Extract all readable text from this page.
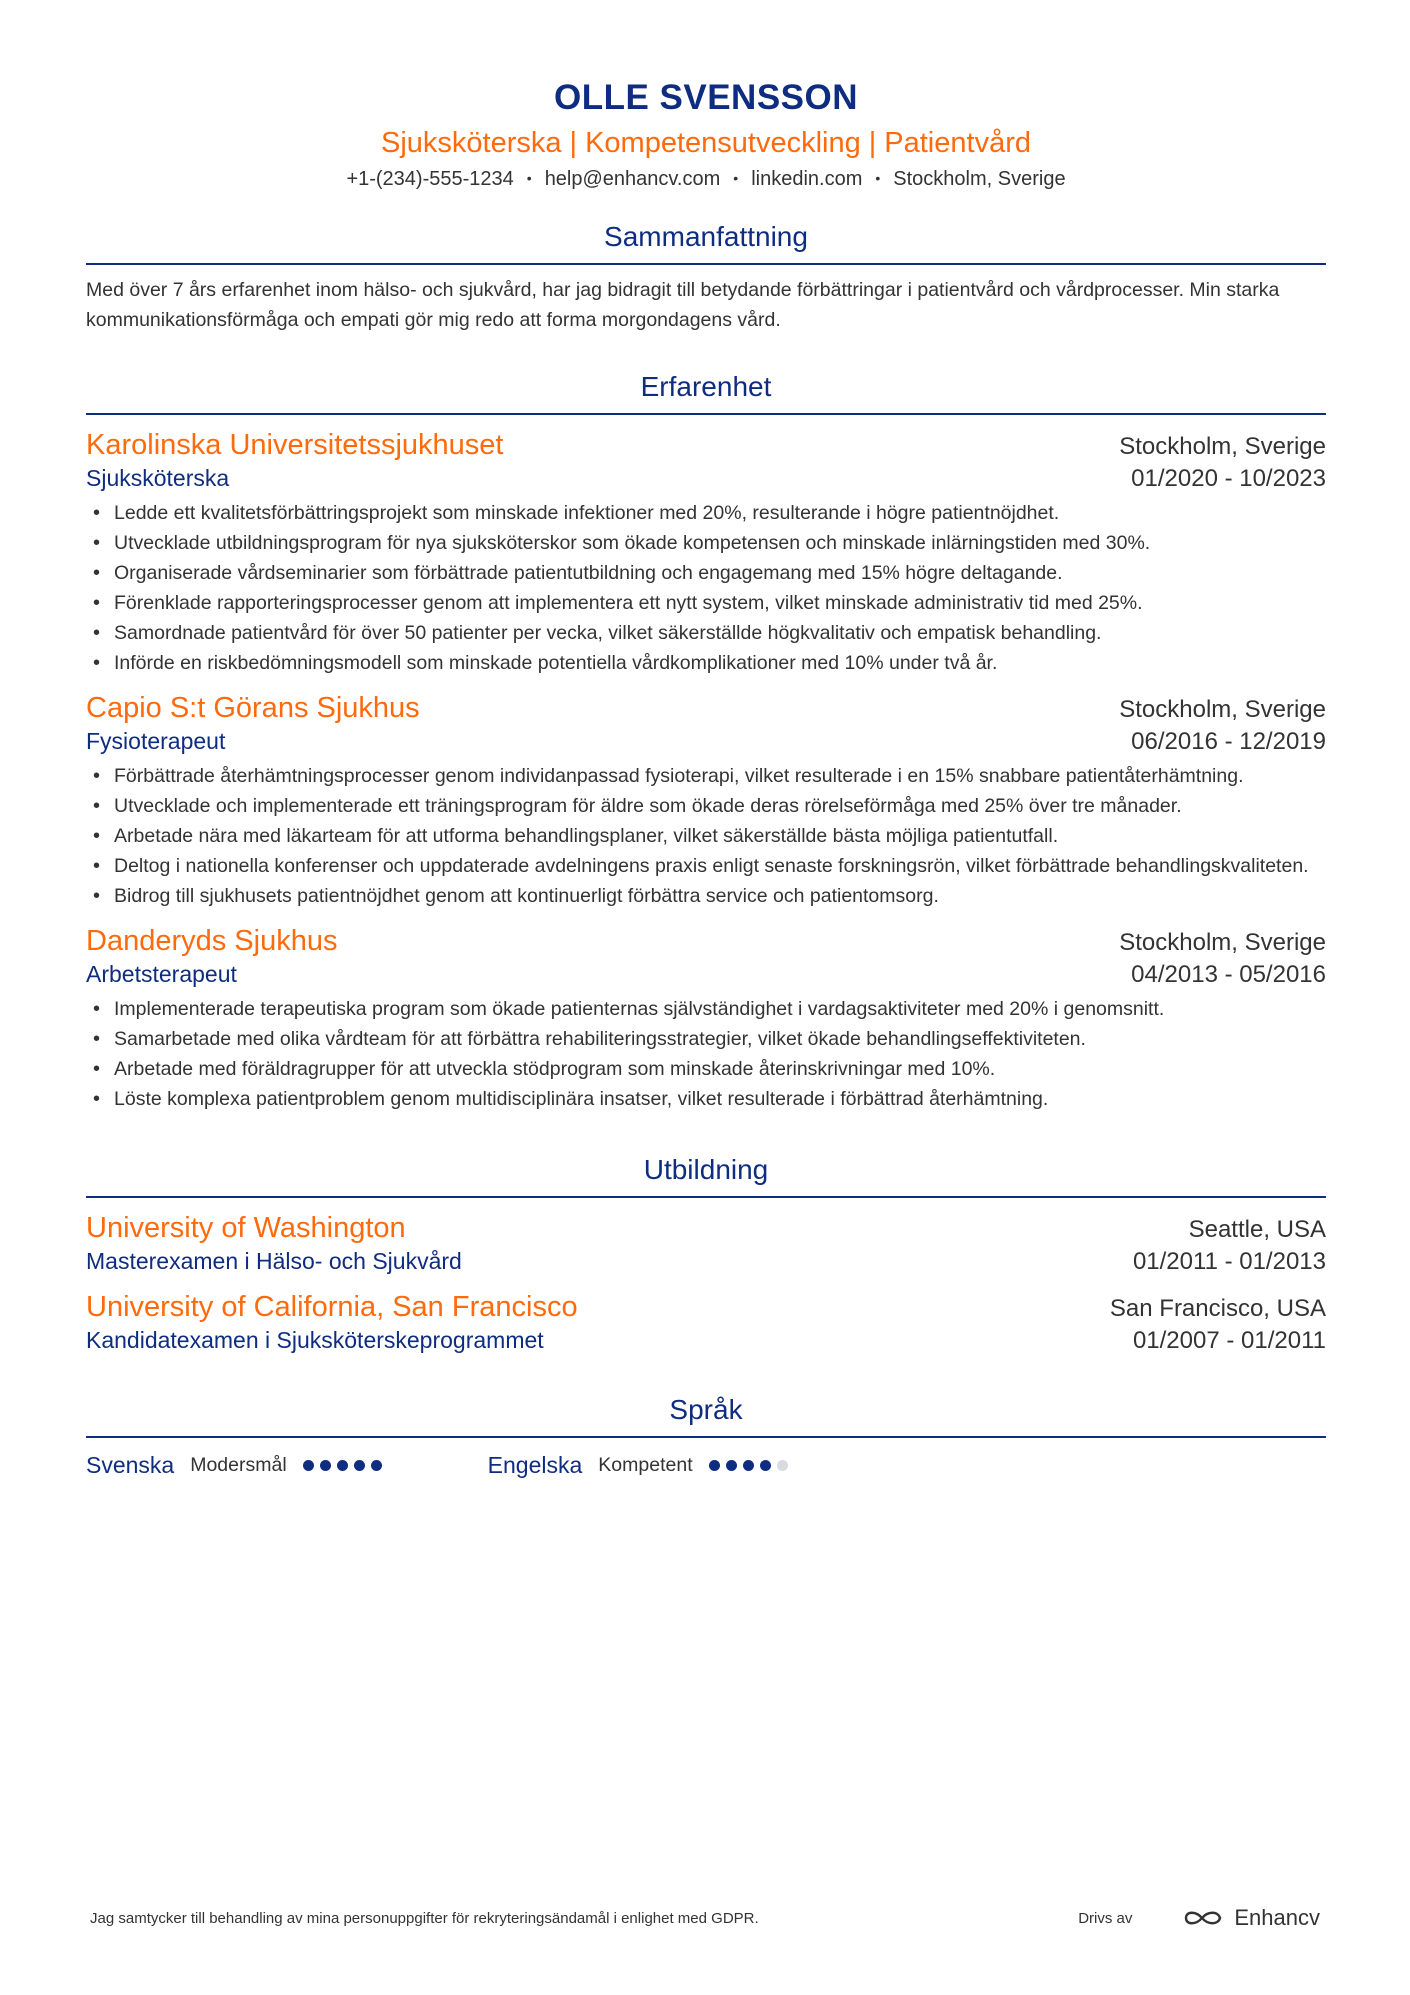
OLLE SVENSSON
Sjuksköterska | Kompetensutveckling | Patientvård
+1-(234)-555-1234 • help@enhancv.com • linkedin.com • Stockholm, Sverige
Sammanfattning
Med över 7 års erfarenhet inom hälso- och sjukvård, har jag bidragit till betydande förbättringar i patientvård och vårdprocesser. Min starka kommunikationsförmåga och empati gör mig redo att forma morgondagens vård.
Erfarenhet
Karolinska Universitetssjukhuset	Stockholm, Sverige
Sjuksköterska	01/2020 - 10/2023
• Ledde ett kvalitetsförbättringsprojekt som minskade infektioner med 20%, resulterande i högre patientnöjdhet.
• Utvecklade utbildningsprogram för nya sjuksköterskor som ökade kompetensen och minskade inlärningstiden med 30%.
• Organiserade vårdseminarier som förbättrade patientutbildning och engagemang med 15% högre deltagande.
• Förenklade rapporteringsprocesser genom att implementera ett nytt system, vilket minskade administrativ tid med 25%.
• Samordnade patientvård för över 50 patienter per vecka, vilket säkerställde högkvalitativ och empatisk behandling.
• Införde en riskbedömningsmodell som minskade potentiella vårdkomplikationer med 10% under två år.
Capio S:t Görans Sjukhus	Stockholm, Sverige
Fysioterapeut	06/2016 - 12/2019
• Förbättrade återhämtningsprocesser genom individanpassad fysioterapi, vilket resulterade i en 15% snabbare patientåterhämtning.
• Utvecklade och implementerade ett träningsprogram för äldre som ökade deras rörelseförmåga med 25% över tre månader.
• Arbetade nära med läkarteam för att utforma behandlingsplaner, vilket säkerställde bästa möjliga patientutfall.
• Deltog i nationella konferenser och uppdaterade avdelningens praxis enligt senaste forskningsrön, vilket förbättrade behandlingskvaliteten.
• Bidrog till sjukhusets patientnöjdhet genom att kontinuerligt förbättra service och patientomsorg.
Danderyds Sjukhus	Stockholm, Sverige
Arbetsterapeut	04/2013 - 05/2016
• Implementerade terapeutiska program som ökade patienternas självständighet i vardagsaktiviteter med 20% i genomsnitt.
• Samarbetade med olika vårdteam för att förbättra rehabiliteringsstrategier, vilket ökade behandlingseffektiviteten.
• Arbetade med föräldragrupper för att utveckla stödprogram som minskade återinskrivningar med 10%.
• Löste komplexa patientproblem genom multidisciplinära insatser, vilket resulterade i förbättrad återhämtning.
Utbildning
University of Washington	Seattle, USA
Masterexamen i Hälso- och Sjukvård	01/2011 - 01/2013
University of California, San Francisco	San Francisco, USA
Kandidatexamen i Sjuksköterskeprogrammet	01/2007 - 01/2011
Språk
Svenska Modersmål	Engelska Kompetent
Jag samtycker till behandling av mina personuppgifter för rekryteringsändamål i enlighet med GDPR.	Drivs av	Enhancv
